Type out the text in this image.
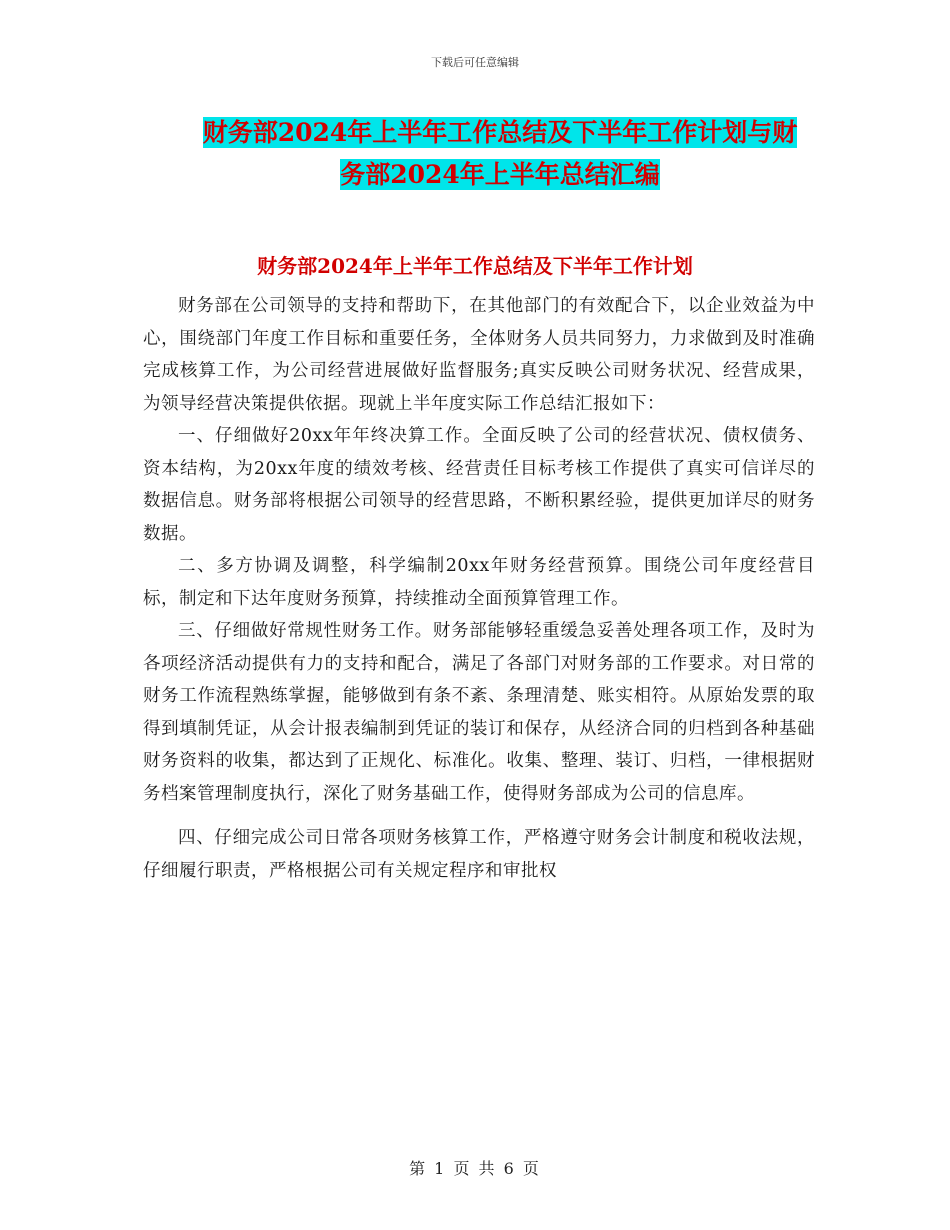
下载后可任意编辑
财务部2024年上半年工作总结及下半年工作计划与财
务部2024年上半年总结汇编
财务部2024年上半年工作总结及下半年工作计划

财务部在公司领导的支持和帮助下，在其他部门的有效配合下，以企业效益为中心，围绕部门年度工作目标和重要任务，全体财务人员共同努力，力求做到及时准确完成核算工作，为公司经营进展做好监督服务;真实反映公司财务状况、经营成果，为领导经营决策提供依据。现就上半年度实际工作总结汇报如下：

一、仔细做好20xx年年终决算工作。全面反映了公司的经营状况、债权债务、资本结构，为20xx年度的绩效考核、经营责任目标考核工作提供了真实可信详尽的数据信息。财务部将根据公司领导的经营思路，不断积累经验，提供更加详尽的财务数据。

二、多方协调及调整，科学编制20xx年财务经营预算。围绕公司年度经营目标，制定和下达年度财务预算，持续推动全面预算管理工作。

三、仔细做好常规性财务工作。财务部能够轻重缓急妥善处理各项工作，及时为各项经济活动提供有力的支持和配合，满足了各部门对财务部的工作要求。对日常的财务工作流程熟练掌握，能够做到有条不紊、条理清楚、账实相符。从原始发票的取得到填制凭证，从会计报表编制到凭证的装订和保存，从经济合同的归档到各种基础财务资料的收集，都达到了正规化、标准化。收集、整理、装订、归档，一律根据财务档案管理制度执行，深化了财务基础工作，使得财务部成为公司的信息库。

四、仔细完成公司日常各项财务核算工作，严格遵守财务会计制度和税收法规，仔细履行职责，严格根据公司有关规定程序和审批权

第 1 页 共 6 页
